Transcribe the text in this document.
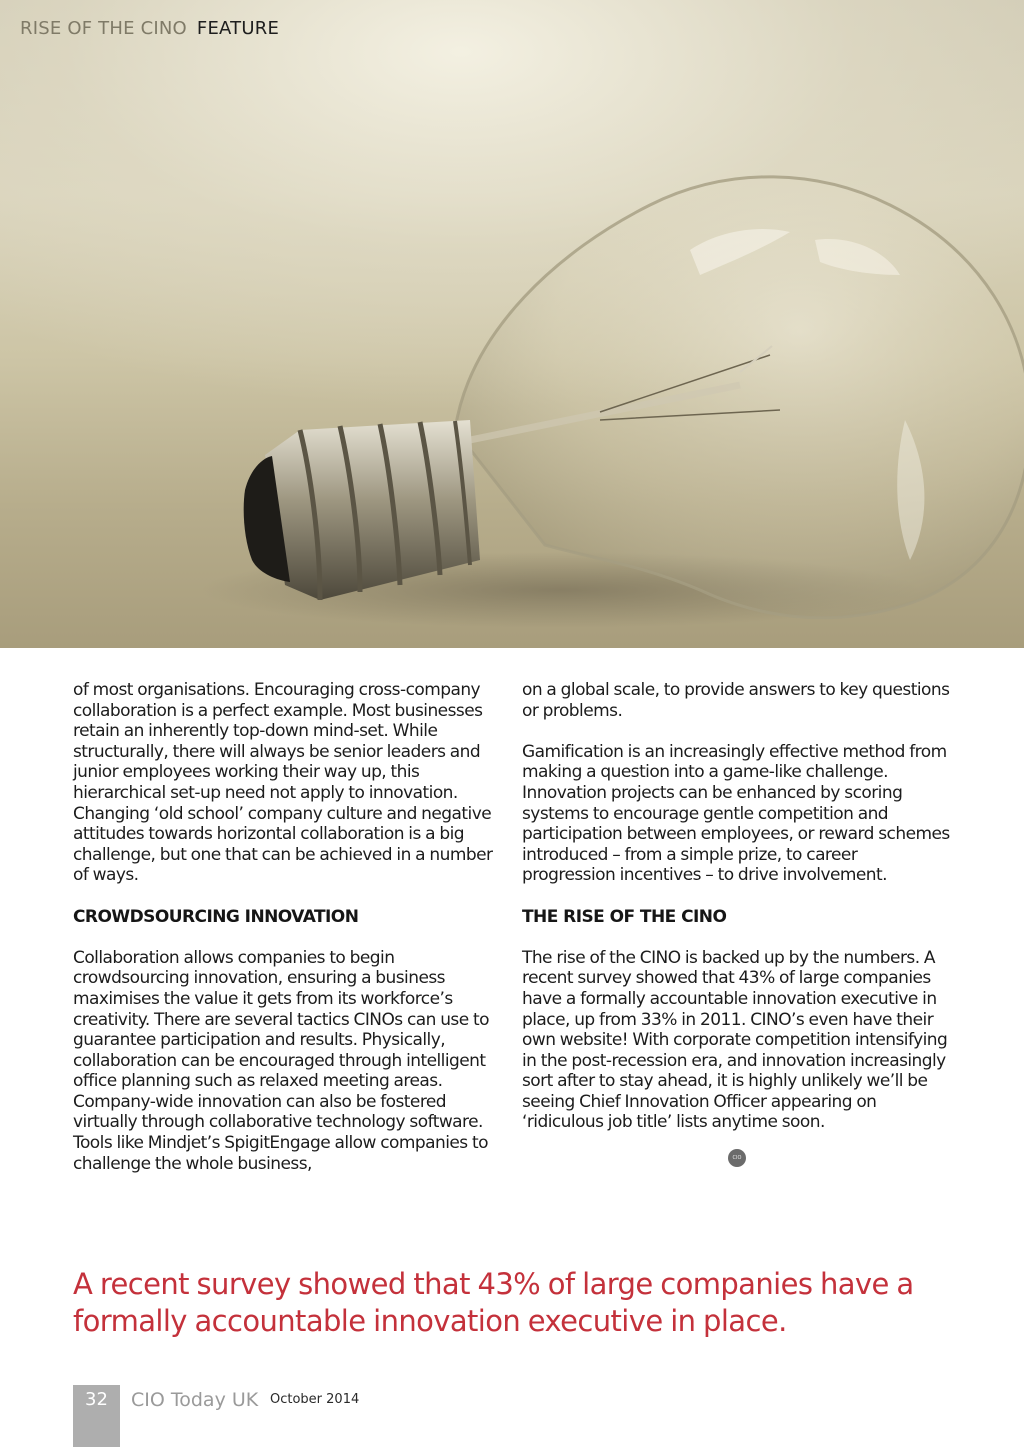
RISE OF THE CINO FEATURE

of most organisations. Encouraging cross-company collaboration is a perfect example. Most businesses retain an inherently top-down mind-set. While structurally, there will always be senior leaders and junior employees working their way up, this hierarchical set-up need not apply to innovation. Changing ‘old school’ company culture and negative attitudes towards horizontal collaboration is a big challenge, but one that can be achieved in a number of ways.

CROWDSOURCING INNOVATION

Collaboration allows companies to begin crowdsourcing innovation, ensuring a business maximises the value it gets from its workforce’s creativity. There are several tactics CINOs can use to guarantee participation and results. Physically, collaboration can be encouraged through intelligent office planning such as relaxed meeting areas. Company-wide innovation can also be fostered virtually through collaborative technology software. Tools like Mindjet’s SpigitEngage allow companies to challenge the whole business,

on a global scale, to provide answers to key questions or problems.

Gamification is an increasingly effective method from making a question into a game-like challenge. Innovation projects can be enhanced by scoring systems to encourage gentle competition and participation between employees, or reward schemes introduced – from a simple prize, to career progression incentives – to drive involvement.

THE RISE OF THE CINO

The rise of the CINO is backed up by the numbers. A recent survey showed that 43% of large companies have a formally accountable innovation executive in place, up from 33% in 2011. CINO’s even have their own website! With corporate competition intensifying in the post-recession era, and innovation increasingly sort after to stay ahead, it is highly unlikely we’ll be seeing Chief Innovation Officer appearing on ‘ridiculous job title’ lists anytime soon.

CIO
A recent survey showed that 43% of large companies have a formally accountable innovation executive in place.
32	CIO Today UK October 2014
